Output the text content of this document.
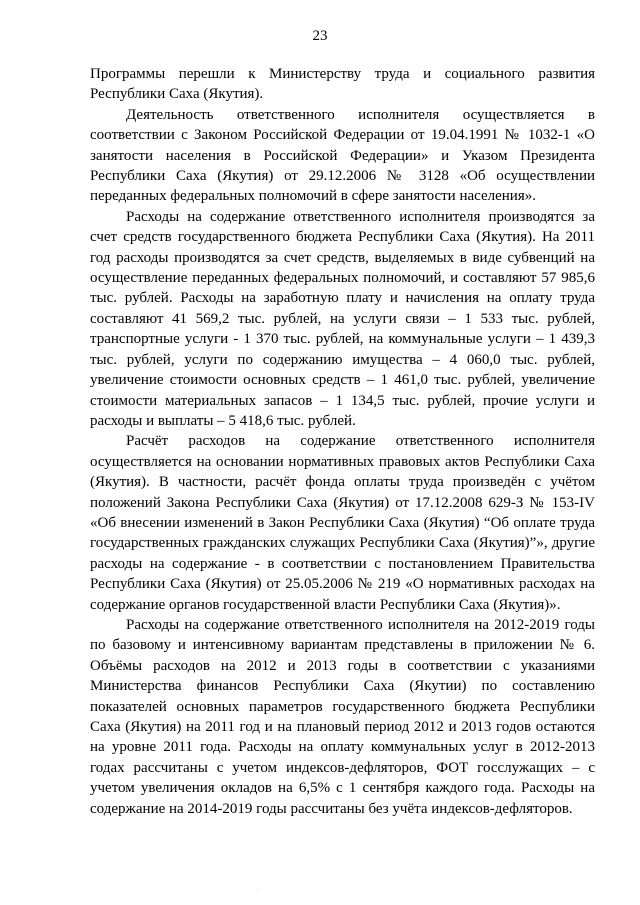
23

Программы перешли к Министерству труда и социального развития Республики Саха (Якутия).

Деятельность ответственного исполнителя осуществляется в соответствии с Законом Российской Федерации от 19.04.1991 № 1032-1 «О занятости населения в Российской Федерации» и Указом Президента Республики Саха (Якутия) от 29.12.2006 № 3128 «Об осуществлении переданных федеральных полномочий в сфере занятости населения».

Расходы на содержание ответственного исполнителя производятся за счет средств государственного бюджета Республики Саха (Якутия). На 2011 год расходы производятся за счет средств, выделяемых в виде субвенций на осуществление переданных федеральных полномочий, и составляют 57 985,6 тыс. рублей. Расходы на заработную плату и начисления на оплату труда составляют 41 569,2 тыс. рублей, на услуги связи – 1 533 тыс. рублей, транспортные услуги - 1 370 тыс. рублей, на коммунальные услуги – 1 439,3 тыс. рублей, услуги по содержанию имущества – 4 060,0 тыс. рублей, увеличение стоимости основных средств – 1 461,0 тыс. рублей, увеличение стоимости материальных запасов – 1 134,5 тыс. рублей, прочие услуги и расходы и выплаты – 5 418,6 тыс. рублей.

Расчёт расходов на содержание ответственного исполнителя осуществляется на основании нормативных правовых актов Республики Саха (Якутия). В частности, расчёт фонда оплаты труда произведён с учётом положений Закона Республики Саха (Якутия) от 17.12.2008 629-З № 153-IV «Об внесении изменений в Закон Республики Саха (Якутия) “Об оплате труда государственных гражданских служащих Республики Саха (Якутия)”», другие расходы на содержание - в соответствии с постановлением Правительства Республики Саха (Якутия) от 25.05.2006 № 219 «О нормативных расходах на содержание органов государственной власти Республики Саха (Якутия)».

Расходы на содержание ответственного исполнителя на 2012-2019 годы по базовому и интенсивному вариантам представлены в приложении № 6. Объёмы расходов на 2012 и 2013 годы в соответствии с указаниями Министерства финансов Республики Саха (Якутии) по составлению показателей основных параметров государственного бюджета Республики Саха (Якутия) на 2011 год и на плановый период 2012 и 2013 годов остаются на уровне 2011 года. Расходы на оплату коммунальных услуг в 2012-2013 годах рассчитаны с учетом индексов-дефляторов, ФОТ госслужащих – с учетом увеличения окладов на 6,5% с 1 сентября каждого года. Расходы на содержание на 2014-2019 годы рассчитаны без учёта индексов-дефляторов.
